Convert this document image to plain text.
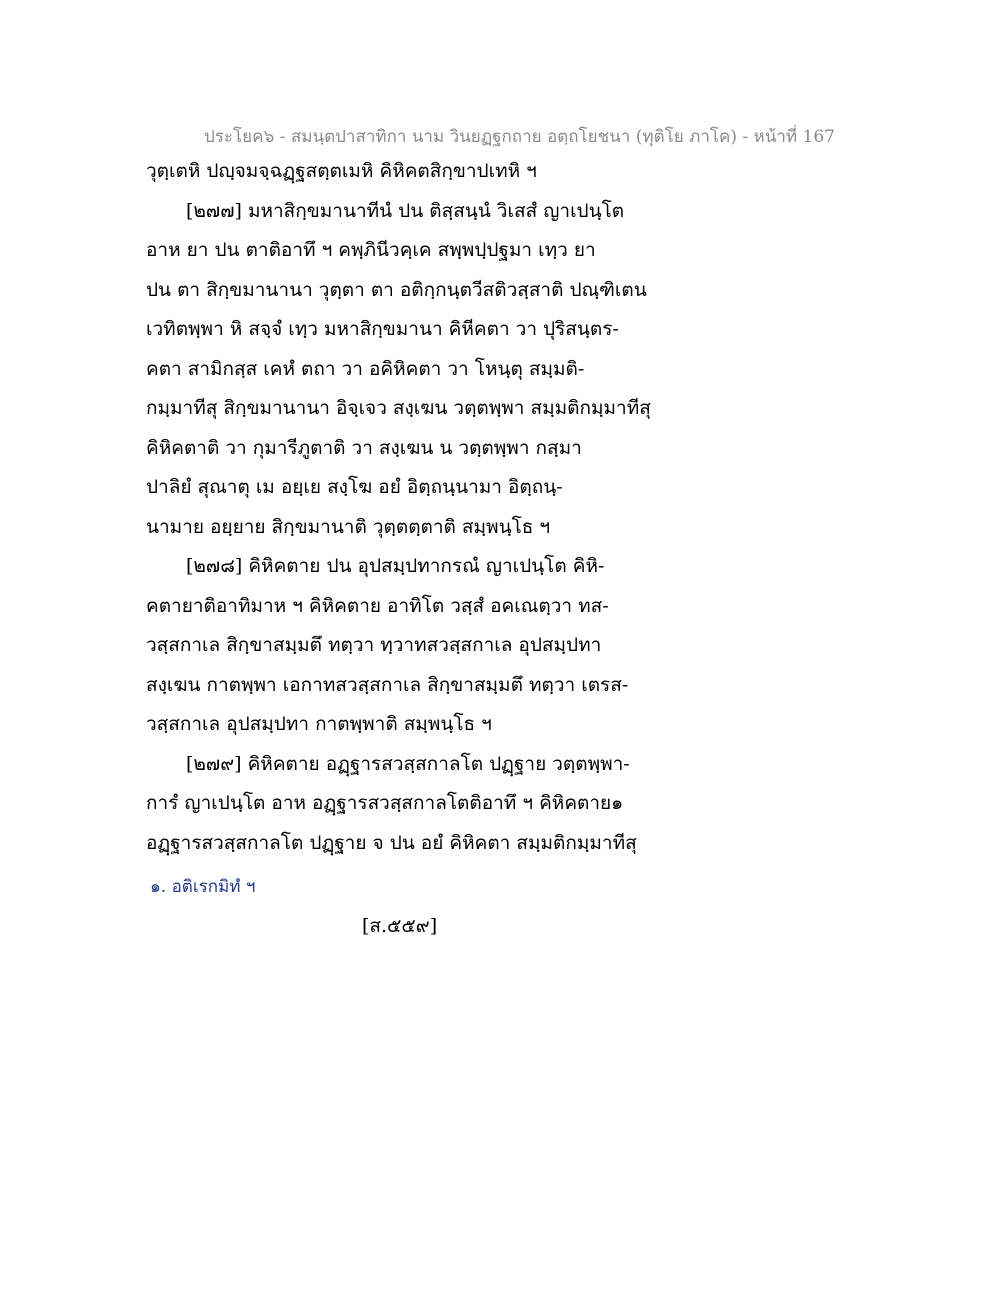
ประโยค๖ - สมนฺตปาสาทิกา นาม วินยฏฐกถาย อตฺถโยชนา (ทุติโย ภาโค) - หน้าที่ 167
วุตฺเตหิ ปญฺจมจฺฉฏฺฐสตฺตเมหิ คิหิคตสิกฺขาปเทหิ ฯ
[๒๗๗] มหาสิกฺขมานาทีนํ ปน ติสฺสนฺนํ วิเสสํ ญาเปนฺโต
อาห ยา ปน ตาติอาทึ ฯ คพฺภินีวคฺเค สพฺพปฺปฐมา เทฺว ยา
ปน ตา สิกฺขมานานา วุตฺตา ตา อติกฺกนฺตวีสติวสฺสาติ ปณฺฑิเตน
เวทิตพฺพา หิ สจฺจํ เทฺว มหาสิกฺขมานา คิหีคตา วา ปุริสนฺตร-
คตา สามิกสฺส เคหํ ตถา วา อคิหิคตา วา โหนฺตุ สมฺมติ-
กมฺมาทีสุ สิกฺขมานานา อิจฺเจว สงฺเฆน วตฺตพฺพา สมฺมติกมฺมาทีสุ
คิหิคตาติ วา กุมารีภูตาติ วา สงฺเฆน น วตฺตพฺพา กสฺมา
ปาลิยํ สุณาตุ เม อยฺเย สงฺโฆ อยํ อิตฺถนฺนามา อิตฺถนฺ-
นามาย อยฺยาย สิกฺขมานาติ วุตฺตตฺตาติ สมฺพนฺโธ ฯ
[๒๗๘] คิหิคตาย ปน อุปสมฺปทากรณํ ญาเปนฺโต คิหิ-
คตายาติอาทิมาห ฯ คิหิคตาย อาทิโต วสฺสํ อคเณตฺวา ทส-
วสฺสกาเล สิกฺขาสมฺมตึ ทตฺวา ทฺวาทสวสฺสกาเล อุปสมฺปทา
สงฺเฆน กาตพฺพา เอกาทสวสฺสกาเล สิกฺขาสมฺมตึ ทตฺวา เตรส-
วสฺสกาเล อุปสมฺปทา กาตพฺพาติ สมฺพนฺโธ ฯ
[๒๗๙] คิหิคตาย อฏฺฐารสวสฺสกาลโต ปฏฺฐาย วตฺตพฺพา-
การํ ญาเปนฺโต อาห อฏฺฐารสวสฺสกาลโตติอาทึ ฯ คิหิคตาย๑
อฏฺฐารสวสฺสกาลโต ปฏฺฐาย จ ปน อยํ คิหิคตา สมฺมติกมฺมาทีสุ
๑. อติเรกมิทํ ฯ
[ส.๕๕๙]
